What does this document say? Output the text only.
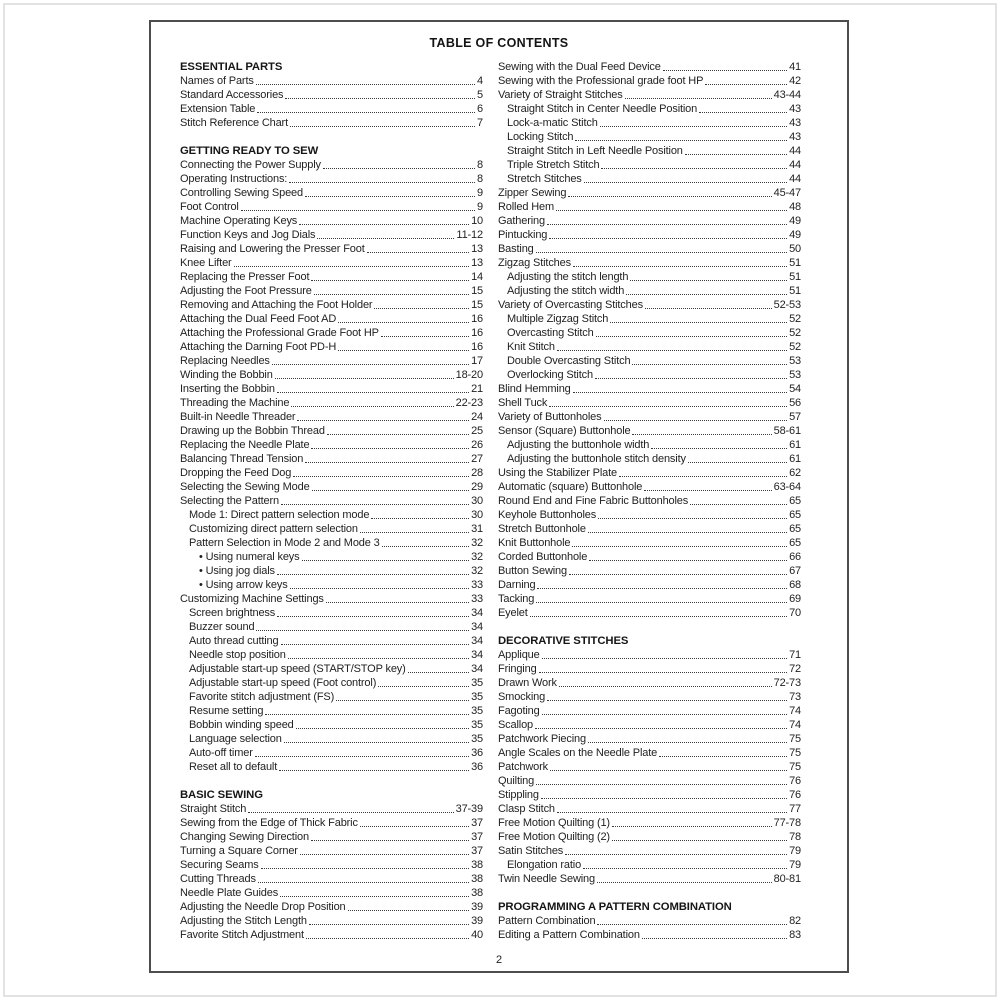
TABLE OF CONTENTS
ESSENTIAL PARTS
Names of Parts	4
Standard Accessories	5
Extension Table	6
Stitch Reference Chart	7
GETTING READY TO SEW
Connecting the Power Supply	8
Operating Instructions:	8
Controlling Sewing Speed	9
Foot Control	9
Machine Operating Keys	10
Function Keys and Jog Dials	11-12
Raising and Lowering the Presser Foot	13
Knee Lifter	13
Replacing the Presser Foot	14
Adjusting the Foot Pressure	15
Removing and Attaching the Foot Holder	15
Attaching the Dual Feed Foot AD	16
Attaching the Professional Grade Foot HP	16
Attaching the Darning Foot PD-H	16
Replacing Needles	17
Winding the Bobbin	18-20
Inserting the Bobbin	21
Threading the Machine	22-23
Built-in Needle Threader	24
Drawing up the Bobbin Thread	25
Replacing the Needle Plate	26
Balancing Thread Tension	27
Dropping the Feed Dog	28
Selecting the Sewing Mode	29
Selecting the Pattern	30
Mode 1: Direct pattern selection mode	30
Customizing direct pattern selection	31
Pattern Selection in Mode 2 and Mode 3	32
• Using numeral keys	32
• Using jog dials	32
• Using arrow keys	33
Customizing Machine Settings	33
Screen brightness	34
Buzzer sound	34
Auto thread cutting	34
Needle stop position	34
Adjustable start-up speed (START/STOP key)	34
Adjustable start-up speed (Foot control)	35
Favorite stitch adjustment (FS)	35
Resume setting	35
Bobbin winding speed	35
Language selection	35
Auto-off timer	36
Reset all to default	36
BASIC SEWING
Straight Stitch	37-39
Sewing from the Edge of Thick Fabric	37
Changing Sewing Direction	37
Turning a Square Corner	37
Securing Seams	38
Cutting Threads	38
Needle Plate Guides	38
Adjusting the Needle Drop Position	39
Adjusting the Stitch Length	39
Favorite Stitch Adjustment	40
Sewing with the Dual Feed Device	41
Sewing with the Professional grade foot HP	42
Variety of Straight Stitches	43-44
Straight Stitch in Center Needle Position	43
Lock-a-matic Stitch	43
Locking Stitch	43
Straight Stitch in Left Needle Position	44
Triple Stretch Stitch	44
Stretch Stitches	44
Zipper Sewing	45-47
Rolled Hem	48
Gathering	49
Pintucking	49
Basting	50
Zigzag Stitches	51
Adjusting the stitch length	51
Adjusting the stitch width	51
Variety of Overcasting Stitches	52-53
Multiple Zigzag Stitch	52
Overcasting Stitch	52
Knit Stitch	52
Double Overcasting Stitch	53
Overlocking Stitch	53
Blind Hemming	54
Shell Tuck	56
Variety of Buttonholes	57
Sensor (Square) Buttonhole	58-61
Adjusting the buttonhole width	61
Adjusting the buttonhole stitch density	61
Using the Stabilizer Plate	62
Automatic (square) Buttonhole	63-64
Round End and Fine Fabric Buttonholes	65
Keyhole Buttonholes	65
Stretch Buttonhole	65
Knit Buttonhole	65
Corded Buttonhole	66
Button Sewing	67
Darning	68
Tacking	69
Eyelet	70
DECORATIVE STITCHES
Applique	71
Fringing	72
Drawn Work	72-73
Smocking	73
Fagoting	74
Scallop	74
Patchwork Piecing	75
Angle Scales on the Needle Plate	75
Patchwork	75
Quilting	76
Stippling	76
Clasp Stitch	77
Free Motion Quilting (1)	77-78
Free Motion Quilting (2)	78
Satin Stitches	79
Elongation ratio	79
Twin Needle Sewing	80-81
PROGRAMMING A PATTERN COMBINATION
Pattern Combination	82
Editing a Pattern Combination	83
2
